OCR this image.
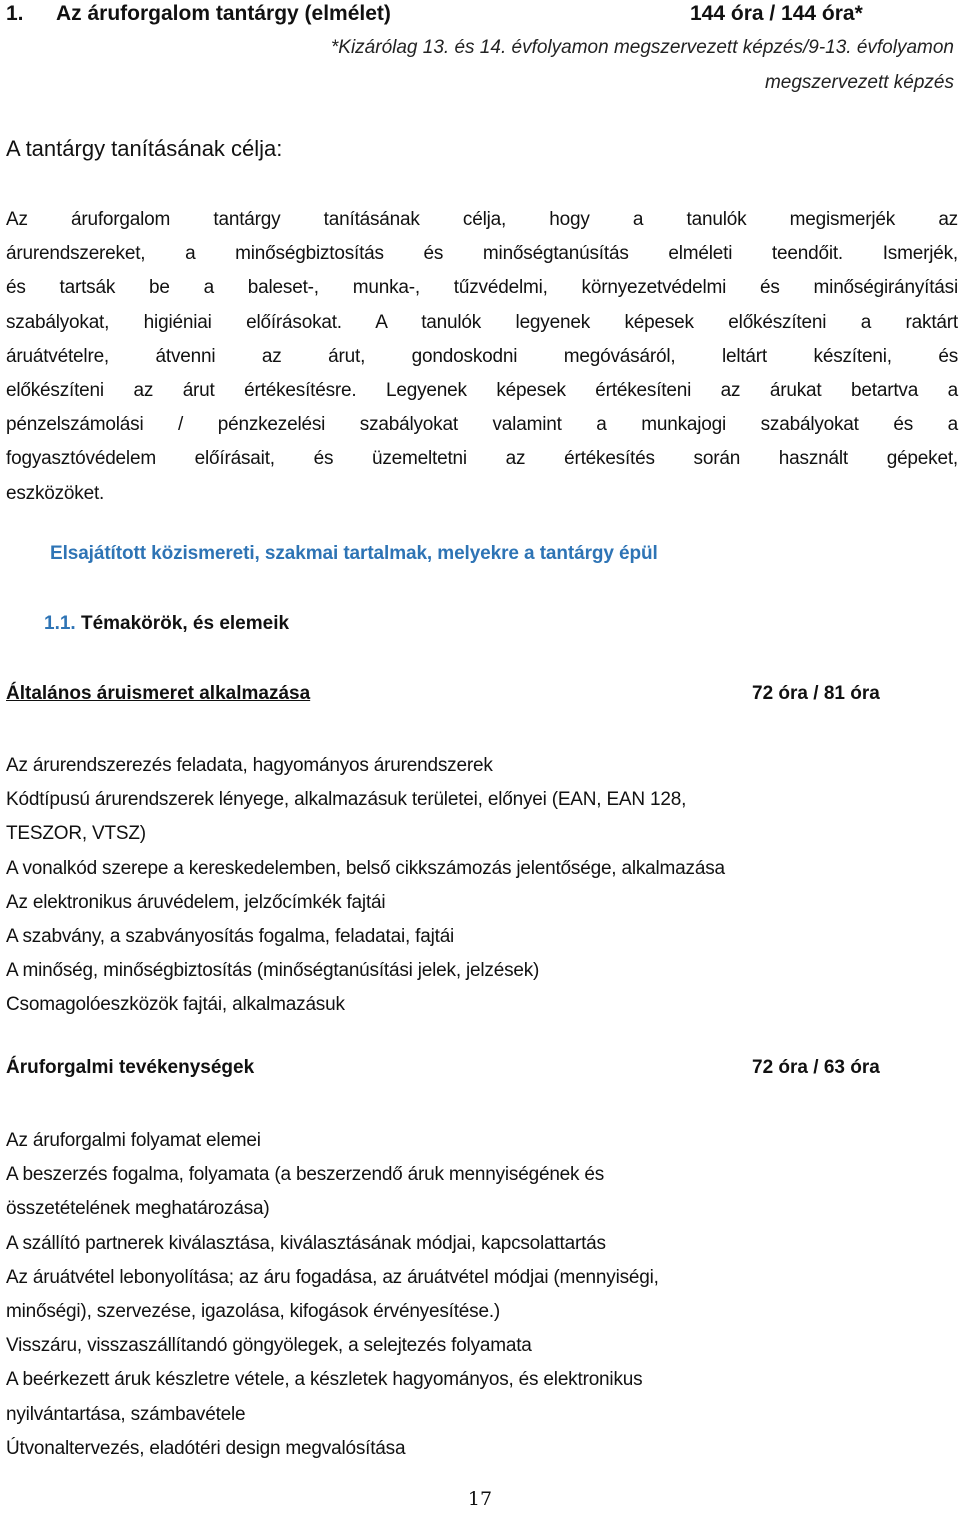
1. Az áruforgalom tantárgy (elmélet)	144 óra / 144 óra*
*Kizárólag 13. és 14. évfolyamon megszervezett képzés/9-13. évfolyamon
megszervezett képzés
A tantárgy tanításának célja:
Az áruforgalom tantárgy tanításának célja, hogy a tanulók megismerjék az
árurendszereket, a minőségbiztosítás és minőségtanúsítás elméleti teendőit. Ismerjék,
és tartsák be a baleset-, munka-, tűzvédelmi, környezetvédelmi és minőségirányítási
szabályokat, higiéniai előírásokat. A tanulók legyenek képesek előkészíteni a raktárt
áruátvételre, átvenni az árut, gondoskodni megóvásáról, leltárt készíteni, és
előkészíteni az árut értékesítésre. Legyenek képesek értékesíteni az árukat betartva a
pénzelszámolási / pénzkezelési szabályokat valamint a munkajogi szabályokat és a
fogyasztóvédelem előírásait, és üzemeltetni az értékesítés során használt gépeket,
eszközöket.
Elsajátított közismereti, szakmai tartalmak, melyekre a tantárgy épül
1.1. Témakörök, és elemeik
Általános áruismeret alkalmazása	72 óra / 81 óra
Az árurendszerezés feladata, hagyományos árurendszerek
Kódtípusú árurendszerek lényege, alkalmazásuk területei, előnyei (EAN, EAN 128,
TESZOR, VTSZ)
A vonalkód szerepe a kereskedelemben, belső cikkszámozás jelentősége, alkalmazása
Az elektronikus áruvédelem, jelzőcímkék fajtái
A szabvány, a szabványosítás fogalma, feladatai, fajtái
A minőség, minőségbiztosítás (minőségtanúsítási jelek, jelzések)
Csomagolóeszközök fajtái, alkalmazásuk
Áruforgalmi tevékenységek	72 óra / 63 óra
Az áruforgalmi folyamat elemei
A beszerzés fogalma, folyamata (a beszerzendő áruk mennyiségének és
összetételének meghatározása)
A szállító partnerek kiválasztása, kiválasztásának módjai, kapcsolattartás
Az áruátvétel lebonyolítása; az áru fogadása, az áruátvétel módjai (mennyiségi,
minőségi), szervezése, igazolása, kifogások érvényesítése.)
Visszáru, visszaszállítandó göngyölegek, a selejtezés folyamata
A beérkezett áruk készletre vétele, a készletek hagyományos, és elektronikus
nyilvántartása, számbavétele
Útvonaltervezés, eladótéri design megvalósítása
17
